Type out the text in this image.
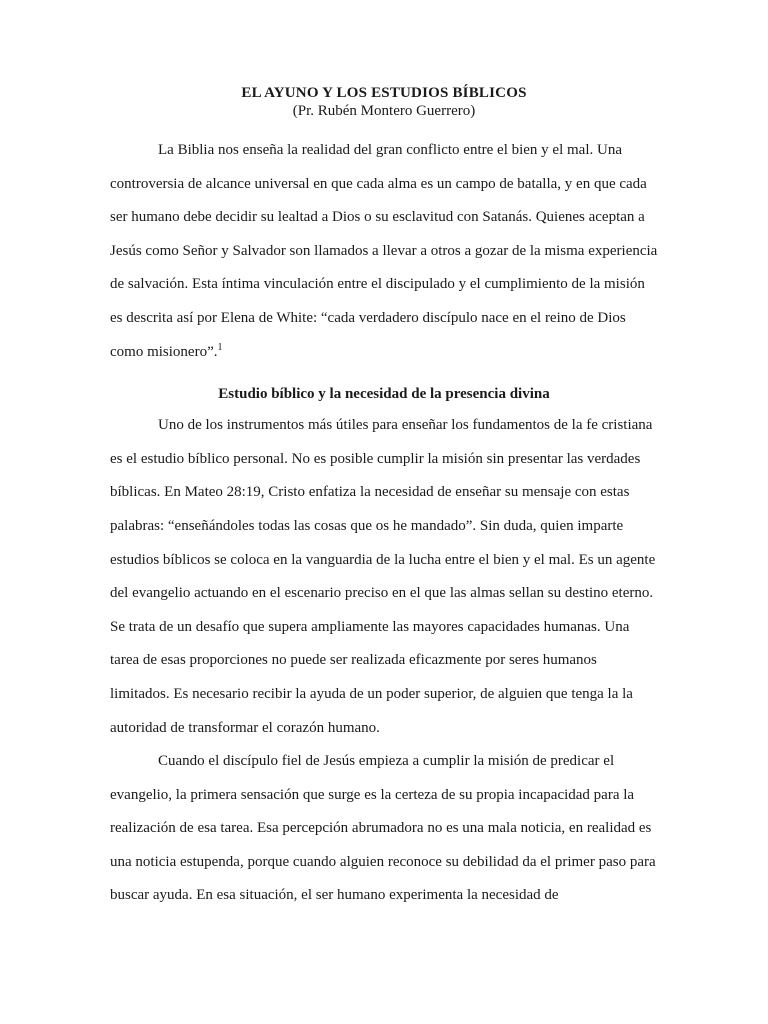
EL AYUNO Y LOS ESTUDIOS BÍBLICOS

(Pr. Rubén Montero Guerrero)

La Biblia nos enseña la realidad del gran conflicto entre el bien y el mal. Una controversia de alcance universal en que cada alma es un campo de batalla, y en que cada ser humano debe decidir su lealtad a Dios o su esclavitud con Satanás. Quienes aceptan a Jesús como Señor y Salvador son llamados a llevar a otros a gozar de la misma experiencia de salvación. Esta íntima vinculación entre el discipulado y el cumplimiento de la misión es descrita así por Elena de White: “cada verdadero discípulo nace en el reino de Dios como misionero”.$^1$

Estudio bíblico y la necesidad de la presencia divina

Uno de los instrumentos más útiles para enseñar los fundamentos de la fe cristiana es el estudio bíblico personal. No es posible cumplir la misión sin presentar las verdades bíblicas. En Mateo 28:19, Cristo enfatiza la necesidad de enseñar su mensaje con estas palabras: “enseñándoles todas las cosas que os he mandado”. Sin duda, quien imparte estudios bíblicos se coloca en la vanguardia de la lucha entre el bien y el mal. Es un agente del evangelio actuando en el escenario preciso en el que las almas sellan su destino eterno. Se trata de un desafío que supera ampliamente las mayores capacidades humanas. Una tarea de esas proporciones no puede ser realizada eficazmente por seres humanos limitados. Es necesario recibir la ayuda de un poder superior, de alguien que tenga la la autoridad de transformar el corazón humano.

Cuando el discípulo fiel de Jesús empieza a cumplir la misión de predicar el evangelio, la primera sensación que surge es la certeza de su propia incapacidad para la realización de esa tarea. Esa percepción abrumadora no es una mala noticia, en realidad es una noticia estupenda, porque cuando alguien reconoce su debilidad da el primer paso para buscar ayuda. En esa situación, el ser humano experimenta la necesidad de
